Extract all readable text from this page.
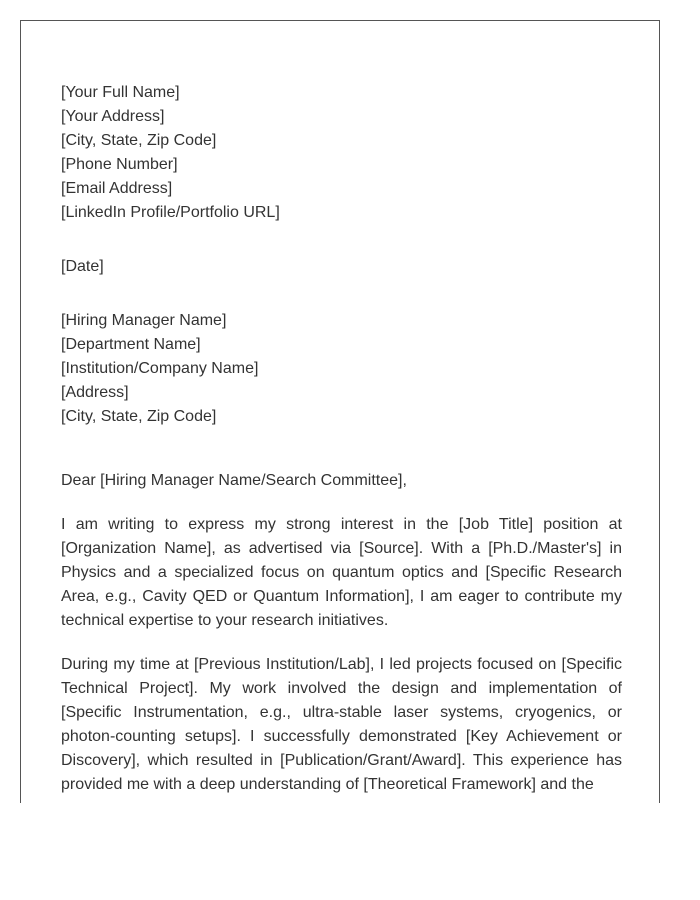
[Your Full Name]
[Your Address]
[City, State, Zip Code]
[Phone Number]
[Email Address]
[LinkedIn Profile/Portfolio URL]
[Date]
[Hiring Manager Name]
[Department Name]
[Institution/Company Name]
[Address]
[City, State, Zip Code]
Dear [Hiring Manager Name/Search Committee],

I am writing to express my strong interest in the [Job Title] position at [Organization Name], as advertised via [Source]. With a [Ph.D./Master's] in Physics and a specialized focus on quantum optics and [Specific Research Area, e.g., Cavity QED or Quantum Information], I am eager to contribute my technical expertise to your research initiatives.

During my time at [Previous Institution/Lab], I led projects focused on [Specific Technical Project]. My work involved the design and implementation of [Specific Instrumentation, e.g., ultra-stable laser systems, cryogenics, or photon-counting setups]. I successfully demonstrated [Key Achievement or Discovery], which resulted in [Publication/Grant/Award]. This experience has provided me with a deep understanding of [Theoretical Framework] and the
